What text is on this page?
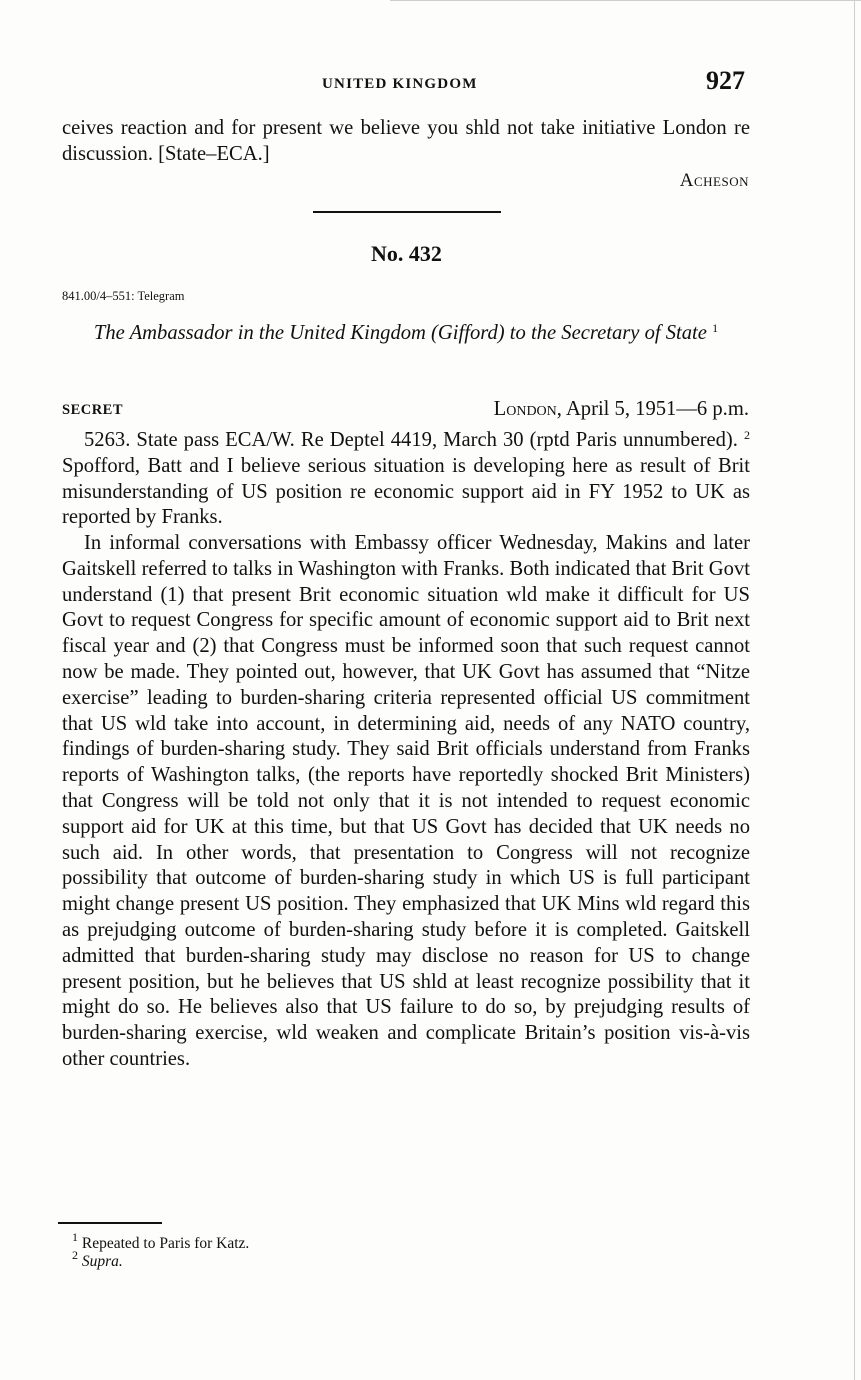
UNITED KINGDOM	927

ceives reaction and for present we believe you shld not take initiative London re discussion. [State–ECA.]

Acheson
No. 432
841.00/4–551: Telegram
The Ambassador in the United Kingdom (Gifford) to the Secretary of State $^1$
SECRET	London, April 5, 1951—6 p.m.

5263. State pass ECA/W. Re Deptel 4419, March 30 (rptd Paris unnumbered). $^2$ Spofford, Batt and I believe serious situation is developing here as result of Brit misunderstanding of US position re economic support aid in FY 1952 to UK as reported by Franks.

In informal conversations with Embassy officer Wednesday, Makins and later Gaitskell referred to talks in Washington with Franks. Both indicated that Brit Govt understand (1) that present Brit economic situation wld make it difficult for US Govt to request Congress for specific amount of economic support aid to Brit next fiscal year and (2) that Congress must be informed soon that such request cannot now be made. They pointed out, however, that UK Govt has assumed that “Nitze exercise” leading to burden-sharing criteria represented official US commitment that US wld take into account, in determining aid, needs of any NATO country, findings of burden-sharing study. They said Brit officials understand from Franks reports of Washington talks, (the reports have reportedly shocked Brit Ministers) that Congress will be told not only that it is not intended to request economic support aid for UK at this time, but that US Govt has decided that UK needs no such aid. In other words, that presentation to Congress will not recognize possibility that outcome of burden-sharing study in which US is full participant might change present US position. They emphasized that UK Mins wld regard this as prejudging outcome of burden-sharing study before it is completed. Gaitskell admitted that burden-sharing study may disclose no reason for US to change present position, but he believes that US shld at least recognize possibility that it might do so. He believes also that US failure to do so, by prejudging results of burden-sharing exercise, wld weaken and complicate Britain’s position vis-à-vis other countries.

$^1$ Repeated to Paris for Katz.
$^2$ Supra.
